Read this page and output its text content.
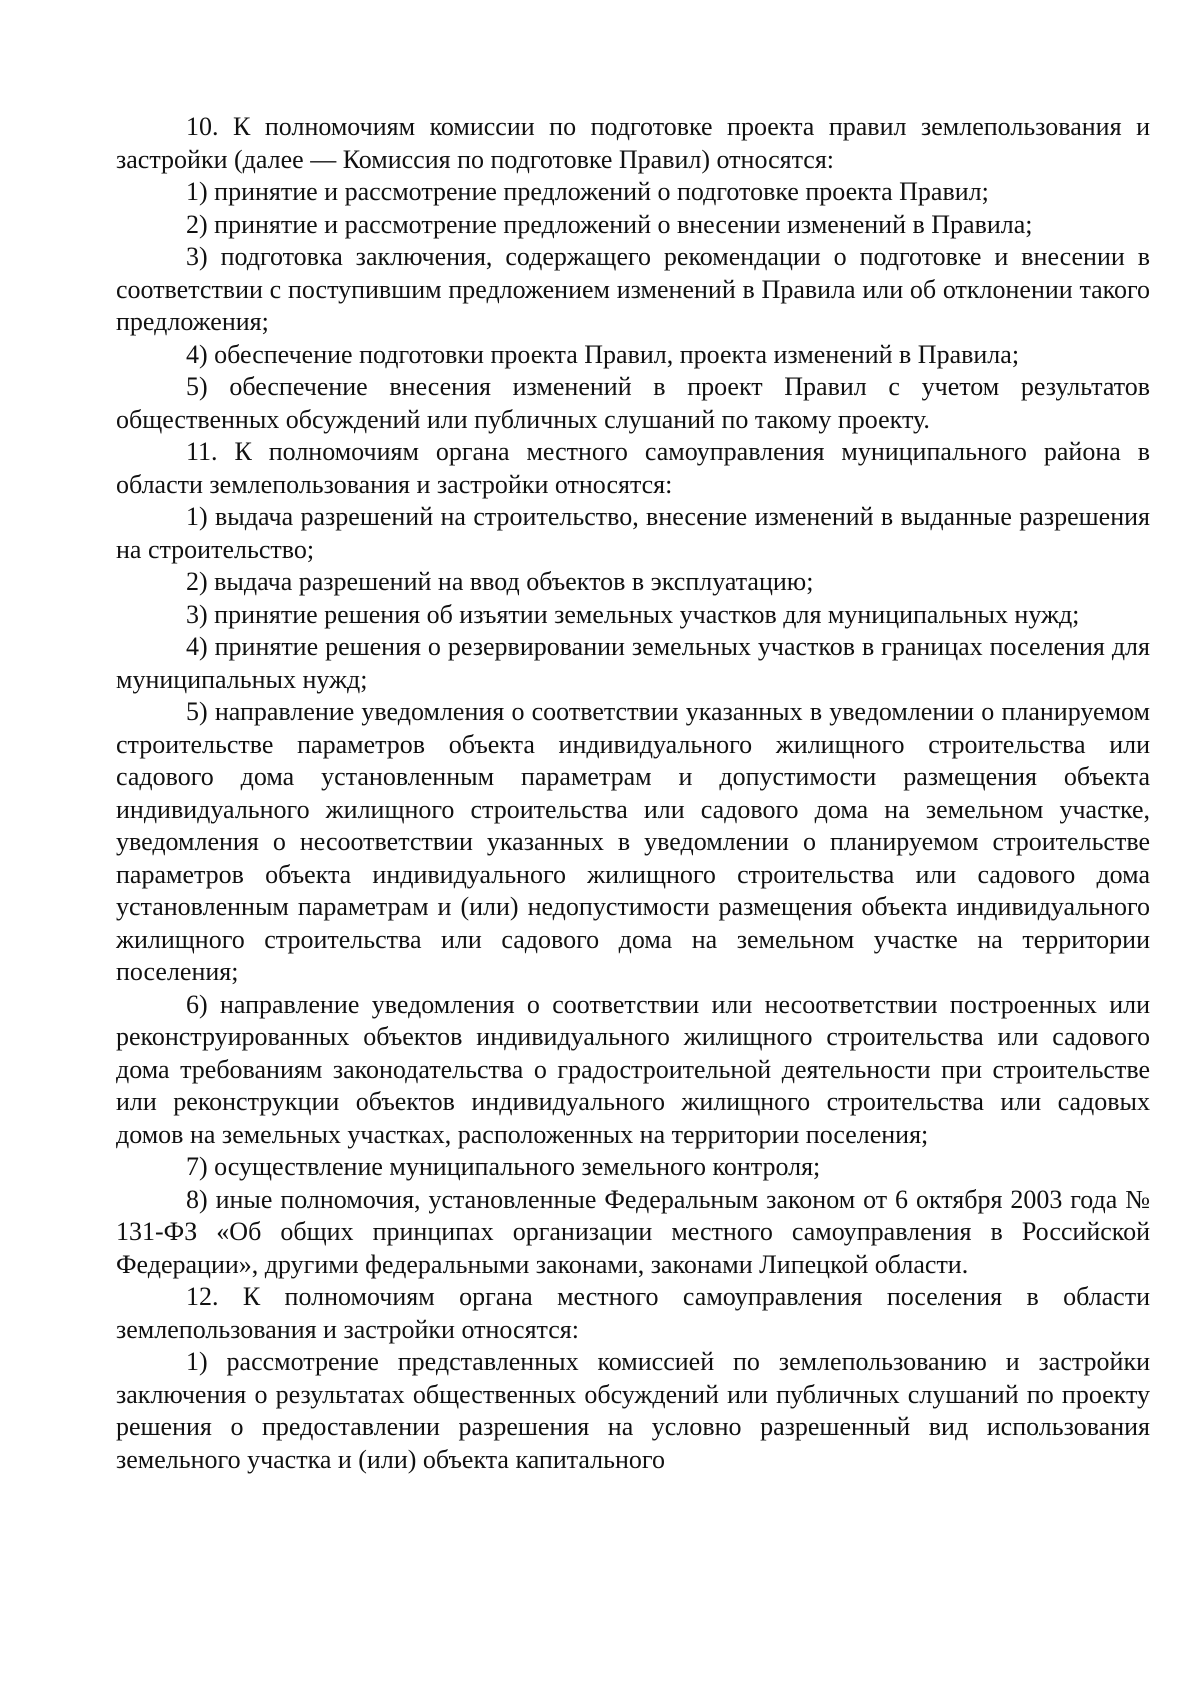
10. К полномочиям комиссии по подготовке проекта правил землепользования и застройки (далее — Комиссия по подготовке Правил) относятся:

1) принятие и рассмотрение предложений о подготовке проекта Правил;

2) принятие и рассмотрение предложений о внесении изменений в Правила;

3) подготовка заключения, содержащего рекомендации о подготовке и внесении в соответствии с поступившим предложением изменений в Правила или об отклонении такого предложения;

4) обеспечение подготовки проекта Правил, проекта изменений в Правила;

5) обеспечение внесения изменений в проект Правил с учетом результатов общественных обсуждений или публичных слушаний по такому проекту.

11. К полномочиям органа местного самоуправления муниципального района в области землепользования и застройки относятся:

1) выдача разрешений на строительство, внесение изменений в выданные разрешения на строительство;

2) выдача разрешений на ввод объектов в эксплуатацию;

3) принятие решения об изъятии земельных участков для муниципальных нужд;

4) принятие решения о резервировании земельных участков в границах поселения для муниципальных нужд;

5) направление уведомления о соответствии указанных в уведомлении о планируемом строительстве параметров объекта индивидуального жилищного строительства или садового дома установленным параметрам и допустимости размещения объекта индивидуального жилищного строительства или садового дома на земельном участке, уведомления о несоответствии указанных в уведомлении о планируемом строительстве параметров объекта индивидуального жилищного строительства или садового дома установленным параметрам и (или) недопустимости размещения объекта индивидуального жилищного строительства или садового дома на земельном участке на территории поселения;

6) направление уведомления о соответствии или несоответствии построенных или реконструированных объектов индивидуального жилищного строительства или садового дома требованиям законодательства о градостроительной деятельности при строительстве или реконструкции объектов индивидуального жилищного строительства или садовых домов на земельных участках, расположенных на территории поселения;

7) осуществление муниципального земельного контроля;

8) иные полномочия, установленные Федеральным законом от 6 октября 2003 года № 131-ФЗ «Об общих принципах организации местного самоуправления в Российской Федерации», другими федеральными законами, законами Липецкой области.

12. К полномочиям органа местного самоуправления поселения в области землепользования и застройки относятся:

1) рассмотрение представленных комиссией по землепользованию и застройки заключения о результатах общественных обсуждений или публичных слушаний по проекту решения о предоставлении разрешения на условно разрешенный вид использования земельного участка и (или) объекта капитального
